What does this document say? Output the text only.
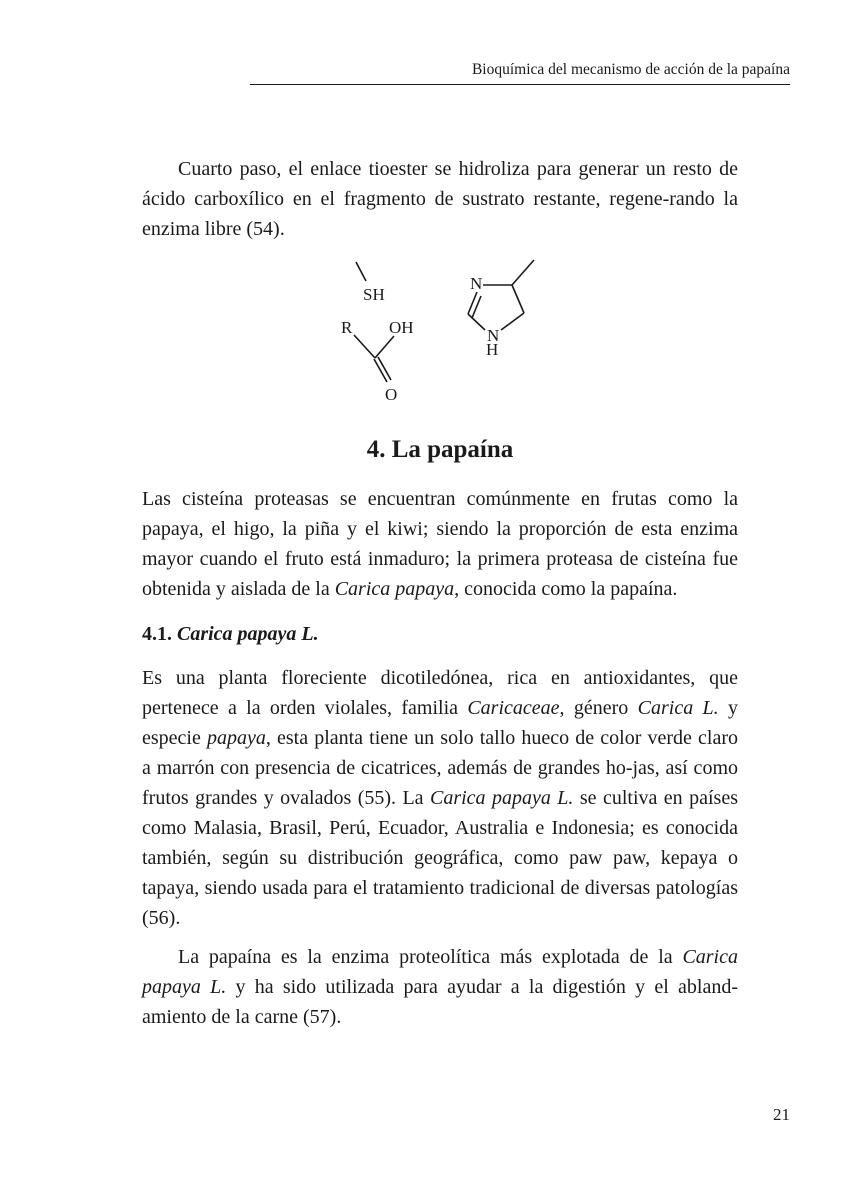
Bioquímica del mecanismo de acción de la papaína

Cuarto paso, el enlace tioester se hidroliza para generar un resto de ácido carboxílico en el fragmento de sustrato restante, regene-rando la enzima libre (54).

SH
R OH
O
N
N
H
4. La papaína

Las cisteína proteasas se encuentran comúnmente en frutas como la papaya, el higo, la piña y el kiwi; siendo la proporción de esta enzima mayor cuando el fruto está inmaduro; la primera proteasa de cisteína fue obtenida y aislada de la Carica papaya, conocida como la papaína.

4.1. Carica papaya L.

Es una planta floreciente dicotiledónea, rica en antioxidantes, que pertenece a la orden violales, familia Caricaceae, género Carica L. y especie papaya, esta planta tiene un solo tallo hueco de color verde claro a marrón con presencia de cicatrices, además de grandes ho-jas, así como frutos grandes y ovalados (55). La Carica papaya L. se cultiva en países como Malasia, Brasil, Perú, Ecuador, Australia e Indonesia; es conocida también, según su distribución geográfica, como paw paw, kepaya o tapaya, siendo usada para el tratamiento tradicional de diversas patologías (56).

La papaína es la enzima proteolítica más explotada de la Carica papaya L. y ha sido utilizada para ayudar a la digestión y el abland-amiento de la carne (57).

21
